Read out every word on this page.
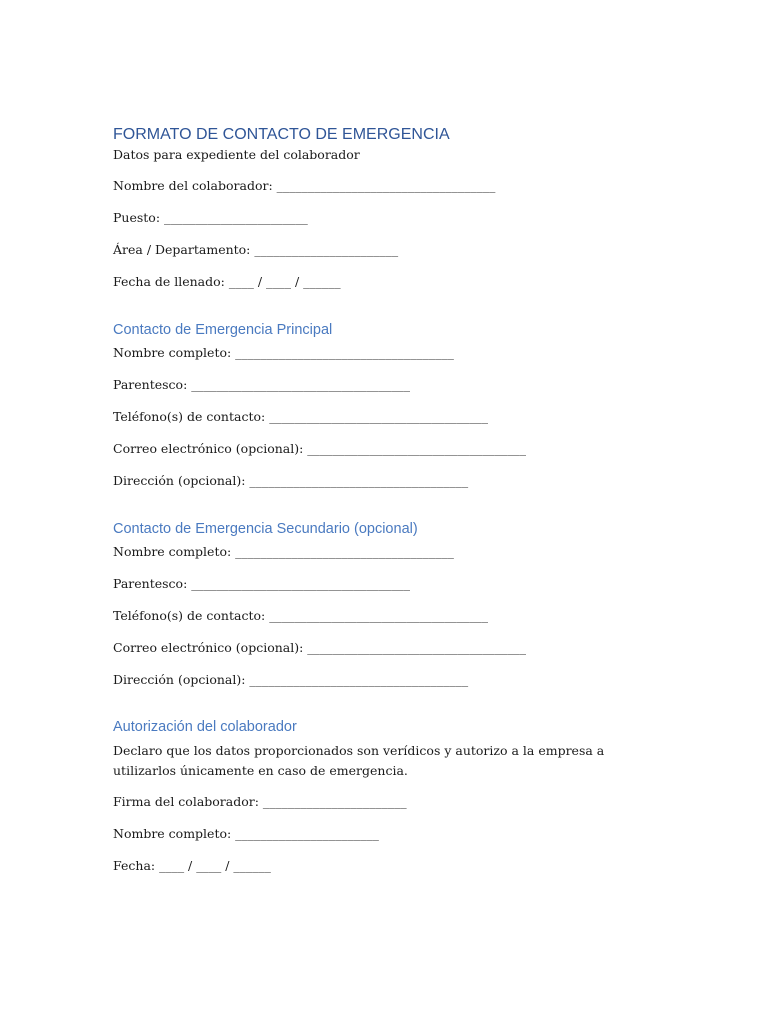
FORMATO DE CONTACTO DE EMERGENCIA
Datos para expediente del colaborador
Nombre del colaborador: ___________________________________
Puesto: _______________________
Área / Departamento: _______________________
Fecha de llenado: ____ / ____ / ______
Contacto de Emergencia Principal
Nombre completo: ___________________________________
Parentesco: ___________________________________
Teléfono(s) de contacto: ___________________________________
Correo electrónico (opcional): ___________________________________
Dirección (opcional): ___________________________________
Contacto de Emergencia Secundario (opcional)
Nombre completo: ___________________________________
Parentesco: ___________________________________
Teléfono(s) de contacto: ___________________________________
Correo electrónico (opcional): ___________________________________
Dirección (opcional): ___________________________________
Autorización del colaborador
Declaro que los datos proporcionados son verídicos y autorizo a la empresa a utilizarlos únicamente en caso de emergencia.
Firma del colaborador: _______________________
Nombre completo: _______________________
Fecha: ____ / ____ / ______
